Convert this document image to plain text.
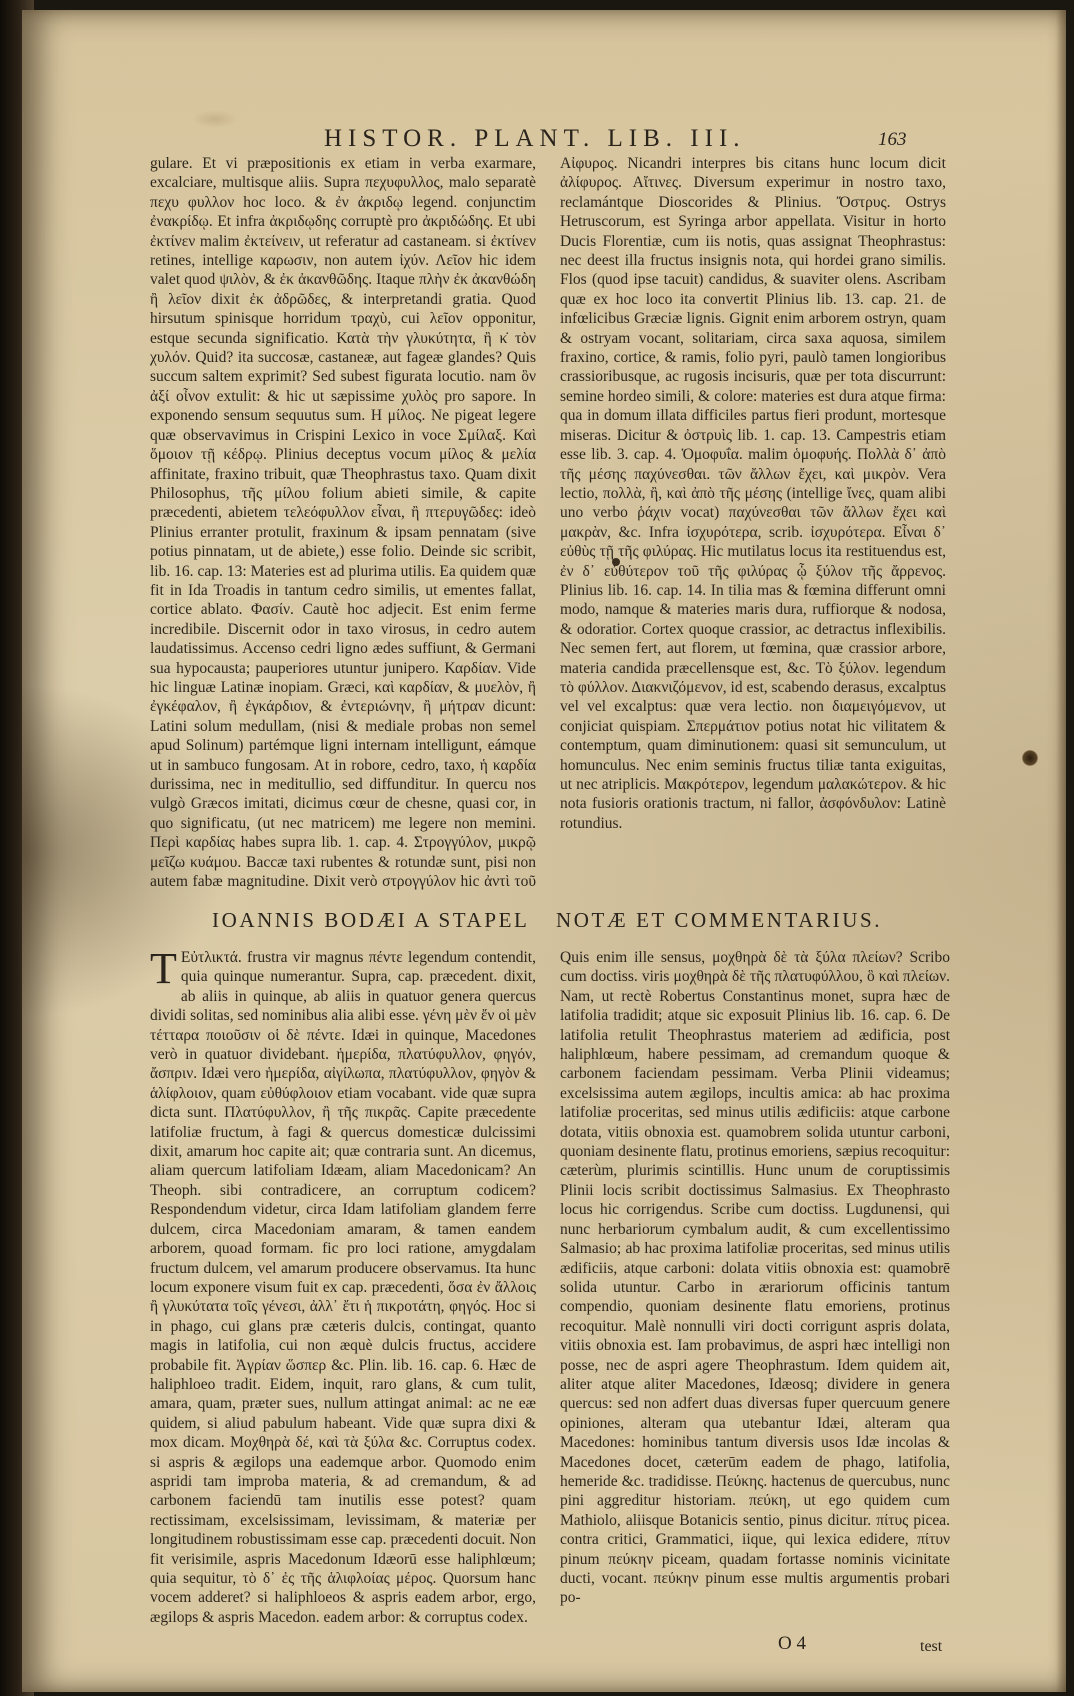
HISTOR. PLANT. LIB. III.	163

gulare. Et vi præpositionis ex etiam in verba exarmare, excalciare, multisque aliis. Supra πεχυφυλλος, malo separatè πεχυ φυλλον hoc loco. & ἐν ἀκριδῳ legend. conjunctim ἐνακρίδῳ. Et infra ἀκριδῳδης corruptè pro ἀκριδώδης. Et ubi ἐκτίνεν malim ἐκτείνειν, ut referatur ad castaneam. si ἐκτίνεν retines, intellige καρωσιν, non autem ἰχύν. Λεῖον hic idem valet quod ψιλὸν, & ἐκ ἀκανθῶδης. Itaque πλὴν ἐκ ἀκανθώδη ἢ λεῖον dixit ἐκ ἀδρῶδες, & interpretandi gratia. Quod hirsutum spinisque horridum τραχὺ, cui λεῖον opponitur, estque secunda significatio. Κατὰ τὴν γλυκύτητα, ἢ κ̇ τὸν χυλόν. Quid? ita succosæ, castaneæ, aut fageæ glandes? Quis succum saltem exprimit? Sed subest figurata locutio. nam ὃν ἀξί οἶνον extulit: & hic ut sæpissime χυλὸς pro sapore. In exponendo sensum sequutus sum. Η μίλος. Ne pigeat legere quæ observavimus in Crispini Lexico in voce Σμίλαξ. Καὶ ὅμοιον τῇ κέδρῳ. Plinius deceptus vocum μίλος & μελία affinitate, fraxino tribuit, quæ Theophrastus taxo. Quam dixit Philosophus, τῆς μίλου folium abieti simile, & capite præcedenti, abietem τελεόφυλλον εἶναι, ἢ πτερυγῶδες: ideò Plinius erranter protulit, fraxinum & ipsam pennatam (sive potius pinnatam, ut de abiete,) esse folio. Deinde sic scribit, lib. 16. cap. 13: Materies est ad plurima utilis. Ea quidem quæ fit in Ida Troadis in tantum cedro similis, ut ementes fallat, cortice ablato. Φασίν. Cautè hoc adjecit. Est enim ferme incredibile. Discernit odor in taxo virosus, in cedro autem laudatissimus. Accenso cedri ligno ædes suffiunt, & Germani sua hypocausta; pauperiores utuntur junipero. Καρδίαν. Vide hic linguæ Latinæ inopiam. Græci, καὶ καρδίαν, & μυελὸν, ἢ ἐγκέφαλον, ἢ ἐγκάρδιον, & ἐντεριώνην, ἢ μήτραν dicunt: Latini solum medullam, (nisi & mediale probas non semel apud Solinum) partémque ligni internam intelligunt, eámque ut in sambuco fungosam. At in robore, cedro, taxo, ἡ καρδία durissima, nec in meditullio, sed diffunditur. In quercu nos vulgò Græcos imitati, dicimus cœur de chesne, quasi cor, in quo significatu, (ut nec matricem) me legere non memini. Περὶ καρδίας habes supra lib. 1. cap. 4. Στρογγύλον, μικρῷ μεῖζω κυάμου. Baccæ taxi rubentes & rotundæ sunt, pisi non autem fabæ magnitudine. Dixit verò στρογγύλον hic ἀντὶ τοῦ

Αἰφυρος. Nicandri interpres bis citans hunc locum dicit ἀλίφυρος. Αἴτινες. Diversum experimur in nostro taxo, reclamántque Dioscorides & Plinius. Ὄστρυς. Ostrys Hetruscorum, est Syringa arbor appellata. Visitur in horto Ducis Florentiæ, cum iis notis, quas assignat Theophrastus: nec deest illa fructus insignis nota, qui hordei grano similis. Flos (quod ipse tacuit) candidus, & suaviter olens. Ascribam quæ ex hoc loco ita convertit Plinius lib. 13. cap. 21. de infœlicibus Græciæ lignis. Gignit enim arborem ostryn, quam & ostryam vocant, solitariam, circa saxa aquosa, similem fraxino, cortice, & ramis, folio pyri, paulò tamen longioribus crassioribusque, ac rugosis incisuris, quæ per tota discurrunt: semine hordeo simili, & colore: materies est dura atque firma: qua in domum illata difficiles partus fieri produnt, mortesque miseras. Dicitur & ὀστρυὶς lib. 1. cap. 13. Campestris etiam esse lib. 3. cap. 4. Ὁμοφυΐα. malim ὁμοφυής. Πολλὰ δ᾽ ἀπὸ τῆς μέσης παχύνεσθαι. τῶν ἄλλων ἔχει, καὶ μικρὸν. Vera lectio, πολλὰ, ἢ, καὶ ἀπὸ τῆς μέσης (intellige ἴνες, quam alibi uno verbo ῥάχιν vocat) παχύνεσθαι τῶν ἄλλων ἔχει καὶ μακρὰν, &c. Infra ἰσχυρότερα, scrib. ἰσχυρότερα. Εἶναι δ᾽ εὐθὺς τῇ τῆς φιλύρας. Hic mutilatus locus ita restituendus est, ἐν δ᾽ εὐθύτερον τοῦ τῆς φιλύρας ᾧ ξύλον τῆς ἄρρενος. Plinius lib. 16. cap. 14. In tilia mas & fœmina differunt omni modo, namque & materies maris dura, ruffiorque & nodosa, & odoratior. Cortex quoque crassior, ac detractus inflexibilis. Nec semen fert, aut florem, ut fœmina, quæ crassior arbore, materia candida præcellensque est, &c. Τὸ ξύλον. legendum τὸ φύλλον. Διακνιζόμενον, id est, scabendo derasus, excalptus vel vel excalptus: quæ vera lectio. non διαμειγόμενον, ut conjiciat quispiam. Σπερμάτιον potius notat hic vilitatem & contemptum, quam diminutionem: quasi sit semunculum, ut homunculus. Nec enim seminis fructus tiliæ tanta exiguitas, ut nec atriplicis. Μακρότερον, legendum μαλακώτερον. & hic nota fusioris orationis tractum, ni fallor, ἀσφόνδυλον: Latinè rotundius.

IOANNIS BODÆI A STAPEL NOTÆ ET COMMENTARIUS.
T Εὐτλικτά. frustra vir magnus πέντε legendum contendit, quia quinque numerantur. Supra, cap. præcedent. dixit, ab aliis in quinque, ab aliis in quatuor genera quercus dividi solitas, sed nominibus alia alibi esse. γένη μὲν ἔν οἱ μὲν τέτταρα ποιοῦσιν οἱ δὲ πέντε. Idæi in quinque, Macedones verò in quatuor dividebant. ἡμερίδα, πλατύφυλλον, φηγόν, ἄσπριν. Idæi vero ἡμερίδα, αἰγίλωπα, πλατύφυλλον, φηγὸν & ἁλίφλοιον, quam εὐθύφλοιον etiam vocabant. vide quæ supra dicta sunt. Πλατύφυλλον, ἢ τῆς πικρᾶς. Capite præcedente latifoliæ fructum, à fagi & quercus domesticæ dulcissimi dixit, amarum hoc capite ait; quæ contraria sunt. An dicemus, aliam quercum latifoliam Idæam, aliam Macedonicam? An Theoph. sibi contradicere, an corruptum codicem? Respondendum videtur, circa Idam latifoliam glandem ferre dulcem, circa Macedoniam amaram, & tamen eandem arborem, quoad formam. fic pro loci ratione, amygdalam fructum dulcem, vel amarum producere observamus. Ita hunc locum exponere visum fuit ex cap. præcedenti, ὅσα ἐν ἄλλοις ἢ γλυκύτατα τοῖς γένεσι, ἀλλ᾽ ἔτι ἡ πικροτάτη, φηγός. Hoc si in phago, cui glans præ cæteris dulcis, contingat, quanto magis in latifolia, cui non æquè dulcis fructus, accidere probabile fit. Ἀγρίαν ὥσπερ &c. Plin. lib. 16. cap. 6. Hæc de haliphloeo tradit. Eidem, inquit, raro glans, & cum tulit, amara, quam, præter sues, nullum attingat animal: ac ne eæ quidem, si aliud pabulum habeant. Vide quæ supra dixi & mox dicam. Μοχθηρὰ δέ, καὶ τὰ ξύλα &c. Corruptus codex. si aspris & ægilops una eademque arbor. Quomodo enim aspridi tam improba materia, & ad cremandum, & ad carbonem faciendū tam inutilis esse potest? quam rectissimam, excelsissimam, levissimam, & materiæ per longitudinem robustissimam esse cap. præcedenti docuit. Non fit verisimile, aspris Macedonum Idæorū esse haliphlœum; quia sequitur, τὸ δ᾽ ἐς τῆς ἁλιφλοίας μέρος. Quorsum hanc vocem adderet? si haliphloeos & aspris eadem arbor, ergo, ægilops & aspris Macedon. eadem arbor: & corruptus codex.

Quis enim ille sensus, μοχθηρὰ δὲ τὰ ξύλα πλείων? Scribo cum doctiss. viris μοχθηρὰ δὲ τῆς πλατυφύλλου, ὃ καὶ πλείων. Nam, ut rectè Robertus Constantinus monet, supra hæc de latifolia tradidit; atque sic exposuit Plinius lib. 16. cap. 6. De latifolia retulit Theophrastus materiem ad ædificia, post haliphlœum, habere pessimam, ad cremandum quoque & carbonem faciendam pessimam. Verba Plinii videamus; excelsissima autem ægilops, incultis amica: ab hac proxima latifoliæ proceritas, sed minus utilis ædificiis: atque carbone dotata, vitiis obnoxia est. quamobrem solida utuntur carboni, quoniam desinente flatu, protinus emoriens, sæpius recoquitur: cæterùm, plurimis scintillis. Hunc unum de coruptissimis Plinii locis scribit doctissimus Salmasius. Ex Theophrasto locus hic corrigendus. Scribe cum doctiss. Lugdunensi, qui nunc herbariorum cymbalum audit, & cum excellentissimo Salmasio; ab hac proxima latifoliæ proceritas, sed minus utilis ædificiis, atque carboni: dolata vitiis obnoxia est: quamobrē solida utuntur. Carbo in ærariorum officinis tantum compendio, quoniam desinente flatu emoriens, protinus recoquitur. Malè nonnulli viri docti corrigunt aspris dolata, vitiis obnoxia est. Iam probavimus, de aspri hæc intelligi non posse, nec de aspri agere Theophrastum. Idem quidem ait, aliter atque aliter Macedones, Idæosq; dividere in genera quercus: sed non adfert duas diversas fuper quercuum genere opiniones, alteram qua utebantur Idæi, alteram qua Macedones: hominibus tantum diversis usos Idæ incolas & Macedones docet, cæterūm eadem de phago, latifolia, hemeride &c. tradidisse. Πεύκης. hactenus de quercubus, nunc pini aggreditur historiam. πεύκη, ut ego quidem cum Mathiolo, aliisque Botanicis sentio, pinus dicitur. πίτυς picea. contra critici, Grammatici, iique, qui lexica edidere, πίτυν pinum πεύκην piceam, quadam fortasse nominis vicinitate ducti, vocant. πεύκην pinum esse multis argumentis probari po-

O 4	test
